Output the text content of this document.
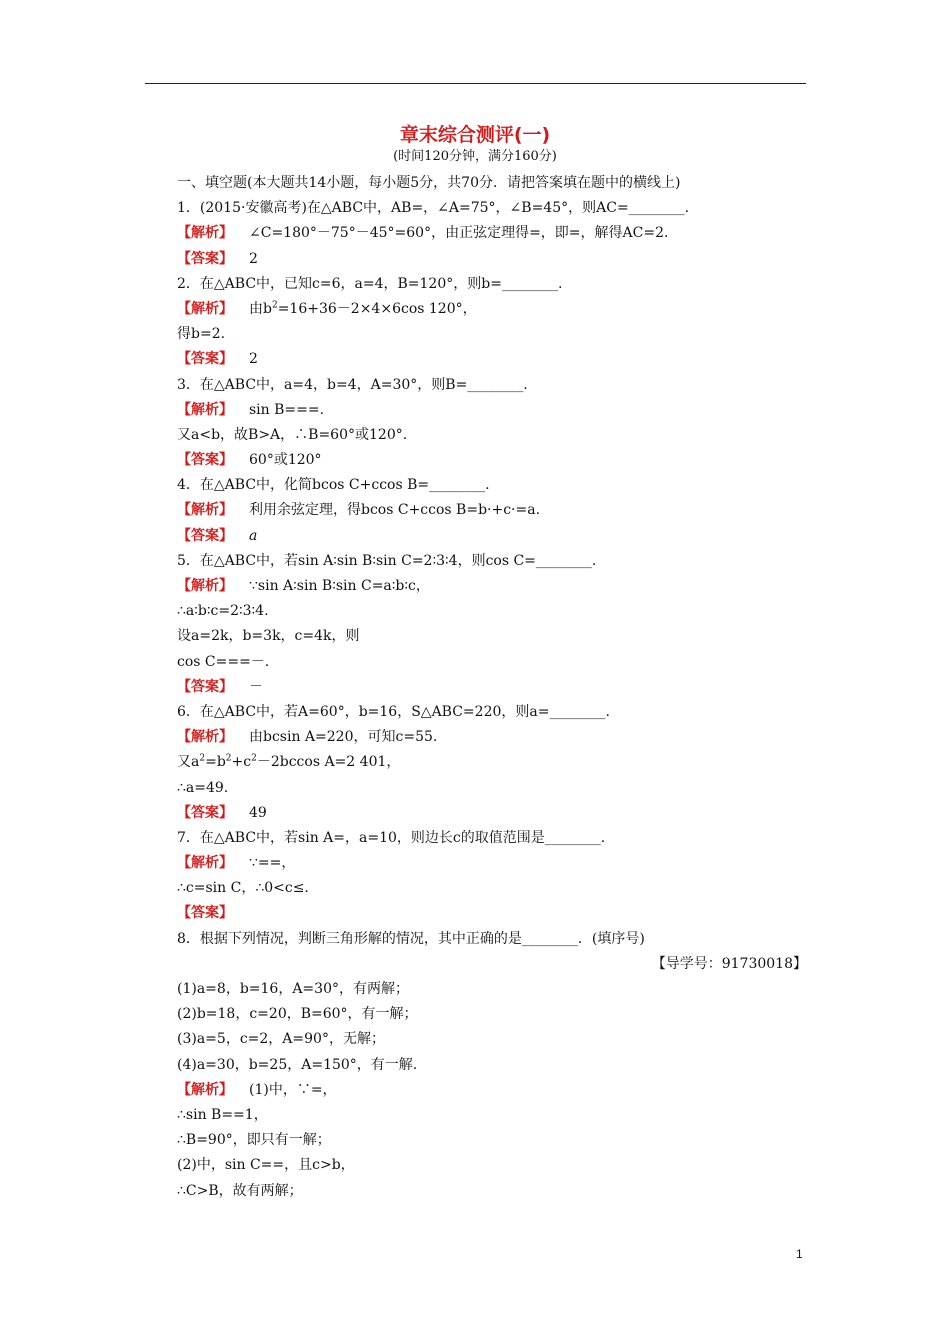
章末综合测评(一)
(时间120分钟，满分160分)
一、填空题(本大题共14小题，每小题5分，共70分．请把答案填在题中的横线上)
1．(2015·安徽高考)在△ABC中，AB=，∠A=75°，∠B=45°，则AC=________.
【解析】 ∠C=180°－75°－45°=60°，由正弦定理得=，即=，解得AC=2.
【答案】 2
2．在△ABC中，已知c=6，a=4，B=120°，则b=________.
【解析】 由$b^2=16+36-2\times 4\times 6\cos$ 120°，
得b=2.
【答案】 2
3．在△ABC中，a=4，b=4，A=30°，则B=________.
【解析】 sin B===.
又a<b，故B>A，∴B=60°或120°.
【答案】 60°或120°
4．在△ABC中，化简bcos C+ccos B=________.
【解析】 利用余弦定理，得bcos C+ccos B=b·+c·=a.
【答案】 a
5．在△ABC中，若sin A∶sin B∶sin C=2∶3∶4，则cos C=________.
【解析】 ∵sin A∶sin B∶sin C=a∶b∶c，
∴a∶b∶c=2∶3∶4.
设a=2k，b=3k，c=4k，则
cos C===－.
【答案】 －
6．在△ABC中，若A=60°，b=16，S△ABC=220，则a=________.
【解析】 由bcsin A=220，可知c=55.
又$a^2=b^2+c^2-2bccos$ A=2 401，
∴a=49.
【答案】 49
7．在△ABC中，若sin A=，a=10，则边长c的取值范围是________.
【解析】 ∵==，
∴c=sin C，∴0<c≤.
【答案】
8．根据下列情况，判断三角形解的情况，其中正确的是________．(填序号)
【导学号：91730018】
(1)a=8，b=16，A=30°，有两解；
(2)b=18，c=20，B=60°，有一解；
(3)a=5，c=2，A=90°，无解；
(4)a=30，b=25，A=150°，有一解.
【解析】 (1)中，∵=，
∴sin B==1，
∴B=90°，即只有一解；
(2)中，sin C==，且c>b，
∴C>B，故有两解；
1
